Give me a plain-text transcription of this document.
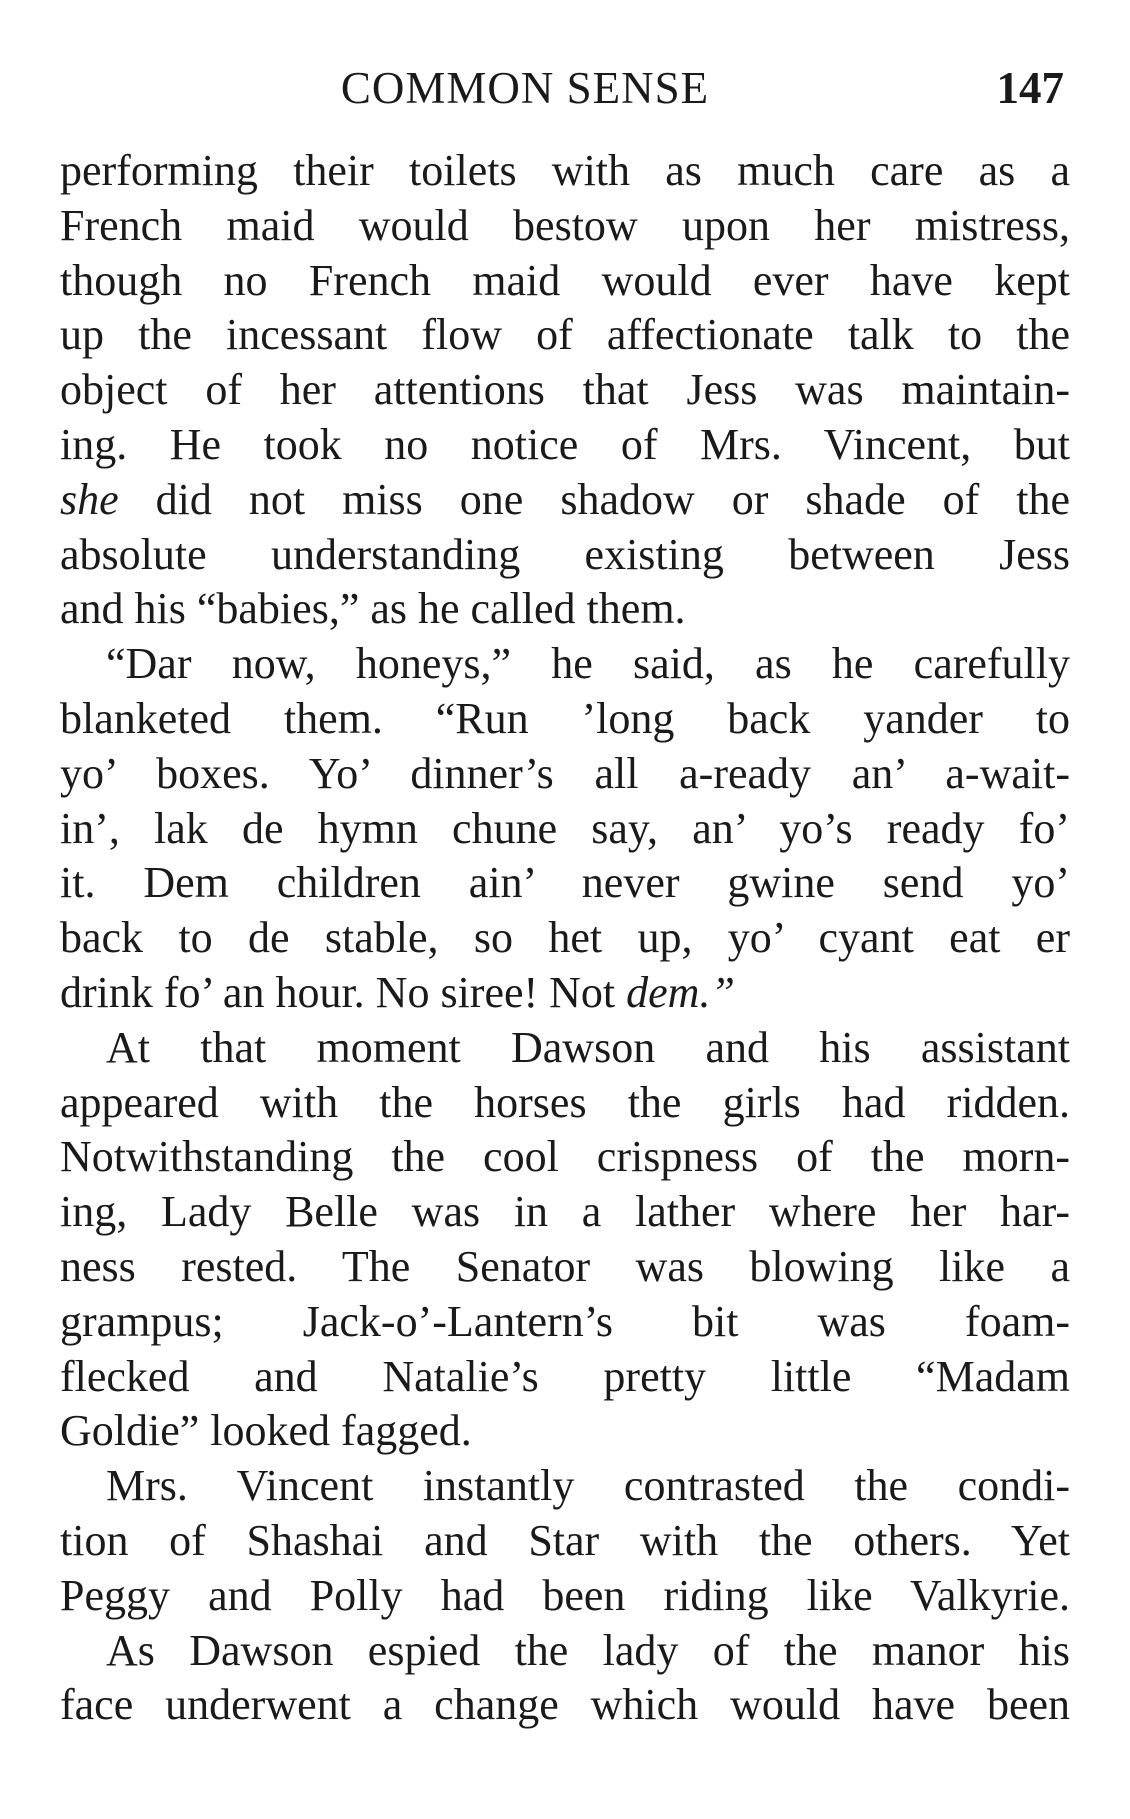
COMMON SENSE	147
performing their toilets with as much care as a
French maid would bestow upon her mistress,
though no French maid would ever have kept
up the incessant flow of affectionate talk to the
object of her attentions that Jess was maintain-
ing. He took no notice of Mrs. Vincent, but
she did not miss one shadow or shade of the
absolute understanding existing between Jess
and his “babies,” as he called them.
“Dar now, honeys,” he said, as he carefully
blanketed them. “Run ’long back yander to
yo’ boxes. Yo’ dinner’s all a-ready an’ a-wait-
in’, lak de hymn chune say, an’ yo’s ready fo’
it. Dem children ain’ never gwine send yo’
back to de stable, so het up, yo’ cyant eat er
drink fo’ an hour. No siree! Not dem.”
At that moment Dawson and his assistant
appeared with the horses the girls had ridden.
Notwithstanding the cool crispness of the morn-
ing, Lady Belle was in a lather where her har-
ness rested. The Senator was blowing like a
grampus; Jack-o’-Lantern’s bit was foam-
flecked and Natalie’s pretty little “Madam
Goldie” looked fagged.
Mrs. Vincent instantly contrasted the condi-
tion of Shashai and Star with the others. Yet
Peggy and Polly had been riding like Valkyrie.
As Dawson espied the lady of the manor his
face underwent a change which would have been
